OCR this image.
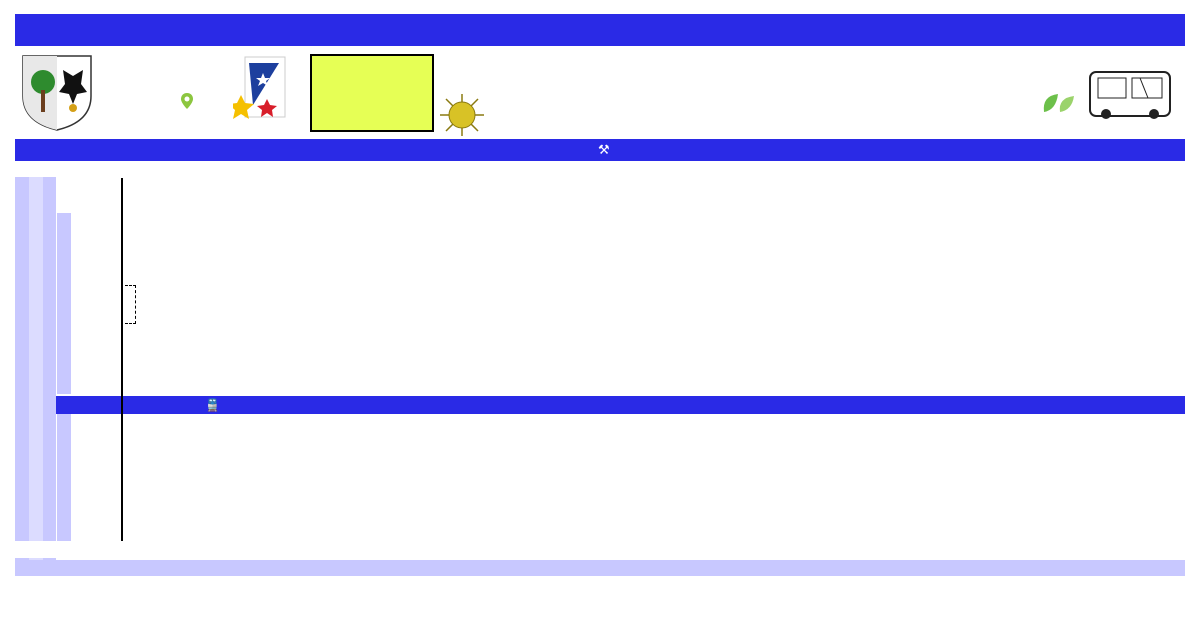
⚒
🚆
